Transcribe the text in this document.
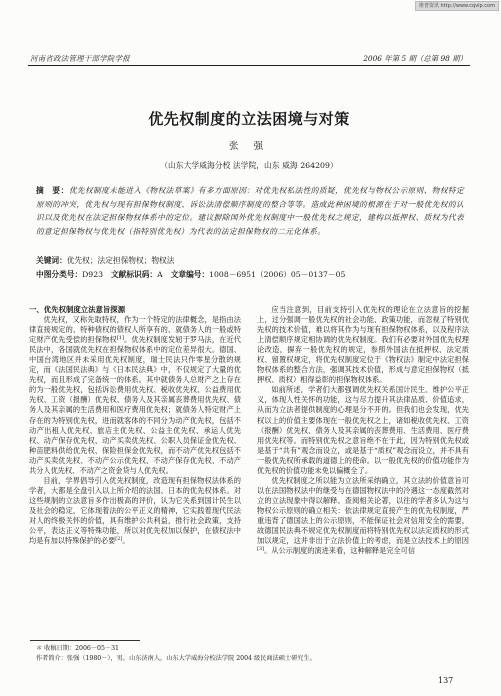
维普资讯 http://www.cqvip.com
河南省政法管理干部学院学报	2006 年第 5 期（总第 98 期）
优先权制度的立法困境与对策
张 强
（山东大学威海分校 法学院，山东 威海 264209）
摘　要：优先权制度未能进入《物权法草案》有多方面原因：对优先权私法性的质疑，优先权与物权公示原则、物权特定原则的冲突，优先权与现有担保物权制度、诉讼法清偿顺序制度的整合等等。造成此种困境的根源在于对一般优先权的认识以及优先权在法定担保物权体系中的定位。建议摒除国外优先权制度中一般优先权之规定，建构以抵押权、质权为代表的意定担保物权与优先权（指特别优先权）为代表的法定担保物权的二元化体系。
关键词：优先权；法定担保物权；物权法
中图分类号：D923 文献标识码：A 文章编号：1008－6951（2006）05－0137－05
一、优先权制度立法意旨探源

优先权，又称先取特权，作为一个特定的法律概念，是指由法律直接规定的、特种债权的债权人所享有的、就债务人的一般或特定财产优先受偿的担保物权[1]。优先权制度发轫于罗马法，在近代民法中，各国就优先权在担保物权体系中的定位差异很大。德国、中国台湾地区并未采用优先权制度，瑞士民法只作零星分散的规定，而《法国民法典》与《日本民法典》中，不仅规定了大量的优先权，而且形成了完备统一的体系。其中就债务人总财产之上存在的为一般优先权，包括诉讼费用优先权、税收优先权、公益费用优先权、工资（报酬）优先权、债务人及其亲属丧葬费用优先权、债务人及其亲属的生活费用和医疗费用优先权；就债务人特定财产上存在的为特别优先权，进而就客体的不同分为动产优先权，包括不动产出租人优先权、旅店主优先权、公益主优先权、承运人优先权、动产保存优先权、动产买卖优先权、公职人员保证金优先权、种苗肥料供给优先权、保险担保金优先权，而不动产优先权包括不动产买卖优先权、不动产公示优先权、不动产保存优先权、不动产共分人优先权、不动产之资金贷与人优先权。

目前，学界倡导引入优先权制度，改造现有担保物权法体系的学者，大都是全盘引入以上所介绍的法国、日本的优先权体系。对这些规制的立法意旨多作出极高的评价，认为它关系到国计民生以及社会的稳定，它体现着法的公平正义的精神，它实践着现代民法对人的终极关怀的价值，具有维护公共利益，推行社会政策，支持公平，表达正义等特殊功能，所以对优先权加以保护，在债权法中均是有加以特殊保护的必要[2]。

应当注意到，目前支持引入优先权的理论在立法意旨的挖掘上，过分强调一般优先权的社会功能、政策功能，而忽视了特别优先权的技术价值，难以将其作为与现有担保物权体系，以及程序法上清偿顺序规定相协调的优先权制度。我们有必要对外国优先权理论改造，摒弃一般优先权的规定，参照外国法在抵押权、法定质权、留置权规定，将优先权制度定位于《物权法》制定中法定担保物权体系的整合方法，强调其技术价值，形成与意定担保物权（抵押权、质权）相得益彰的担保物权体系。

如前所述，学者们大都强调优先权关系国计民生、维护公平正义，体现人性关怀的功能，这与尽力提升其法律品质、价值追求，从而为立法者提供制度的心理是分不开的。但我们也会发现，优先权以上的价值主要体现在一般优先权之上，诸如税收优先权、工资（报酬）优先权、债务人及其亲属的丧葬费用、生活费用、医疗费用优先权等。而特别优先权之意旨绝不在于此，因为特别优先权或是基于“共有”观念而设立，或是基于“质权”观念而设立，并不具有一般优先权所承载的道德上的使命。以一般优先权的价值功能作为优先权的价值功能未免以偏概全了。

优先权制度之所以能为立法所采纳确立，其立法的价值意旨可以在法国物权法中的继受与在德国物权法中的冷遇这一态度截然对立的立法现象中得以解释。查阅相关论著，以往的学者多认为这与物权公示原则的确立相关：依法律规定直接产生的优先权制度，严重违背了德国法上的公示原则，不能保证社会对信用安全的需要，故德国民法典不规定优先权制度而将特别优先权以法定质权的形式加以规定，这并非出于立法价值上的考虑，而是立法技术上的原因[3]。从公示制度的演进来看，这种解释是完全可信

＊ 收稿日期：2006－05－31
作者简介：张强（1980－），男，山东济南人，山东大学威海分校法学院 2004 级民商法硕士研究生。
137
